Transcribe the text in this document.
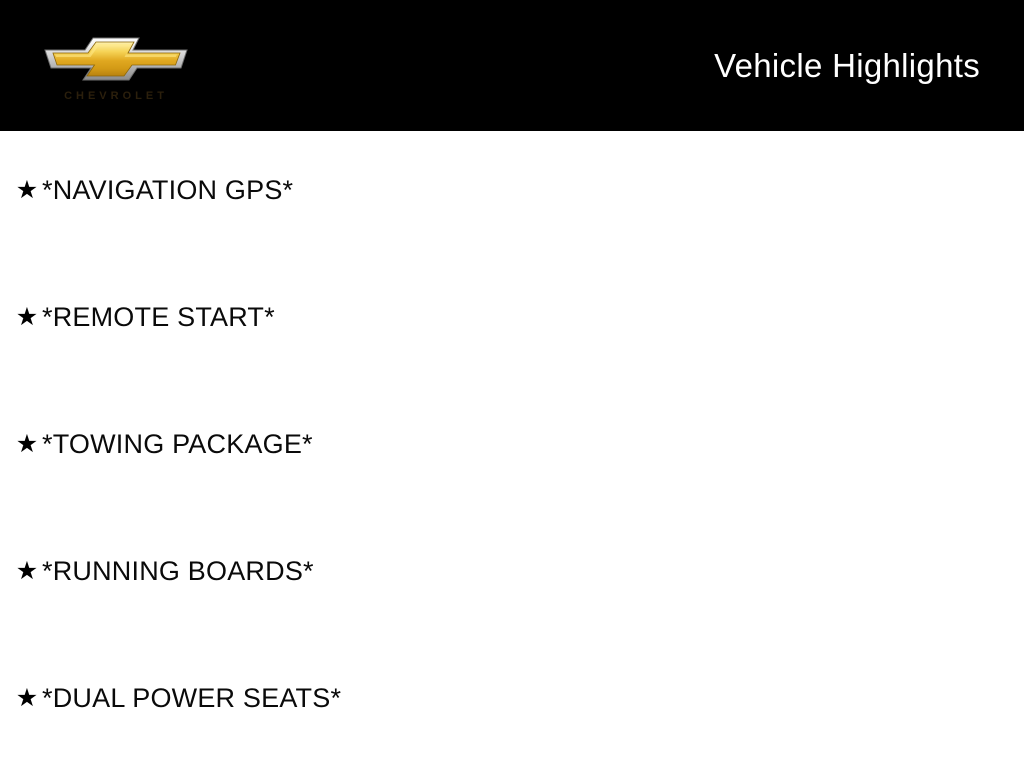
CHEVROLET
Vehicle Highlights
★ *NAVIGATION GPS*
★ *REMOTE START*
★ *TOWING PACKAGE*
★ *RUNNING BOARDS*
★ *DUAL POWER SEATS*
